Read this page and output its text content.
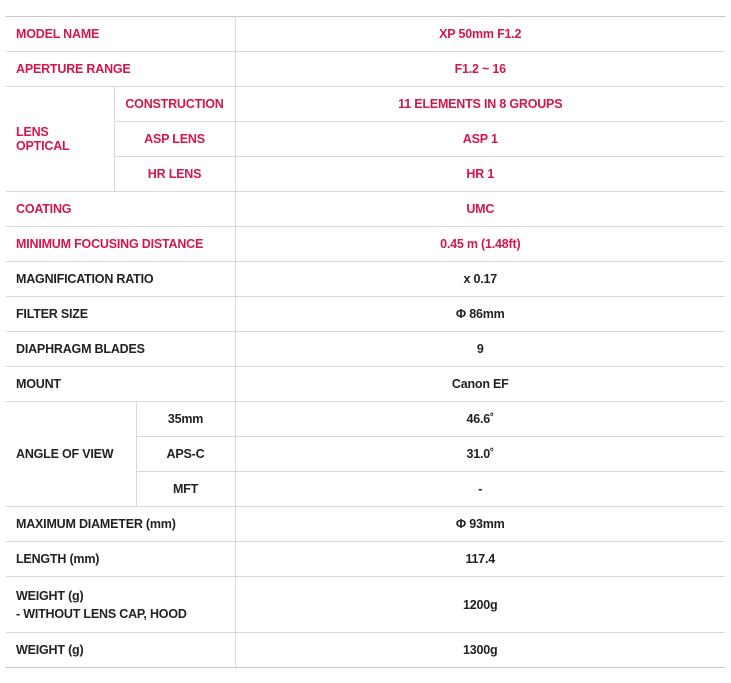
MODEL NAME			XP 50mm F1.2
APERTURE RANGE			F1.2 ~ 16
LENS OPTICAL	CONSTRUCTION		11 ELEMENTS IN 8 GROUPS
	ASP LENS		ASP 1
	HR LENS		HR 1
COATING			UMC
MINIMUM FOCUSING DISTANCE			0.45 m (1.48ft)
MAGNIFICATION RATIO			x 0.17
FILTER SIZE			Φ 86mm
DIAPHRAGM BLADES			9
MOUNT			Canon EF
ANGLE OF VIEW		35mm	46.6˚
		APS-C	31.0˚
		MFT	-
MAXIMUM DIAMETER (mm)			Φ 93mm
LENGTH (mm)			117.4

WEIGHT (g)
- WITHOUT LENS CAP, HOOD			1200g
WEIGHT (g)			1300g
